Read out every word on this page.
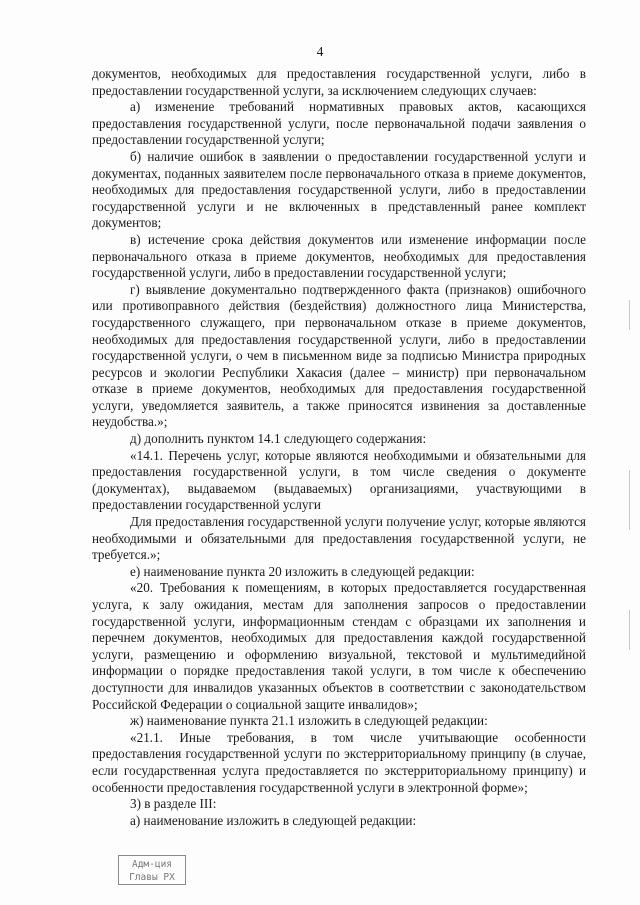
4

документов, необходимых для предоставления государственной услуги, либо в предоставлении государственной услуги, за исключением следующих случаев:

а) изменение требований нормативных правовых актов, касающихся предоставления государственной услуги, после первоначальной подачи заявления о предоставлении государственной услуги;

б) наличие ошибок в заявлении о предоставлении государственной услуги и документах, поданных заявителем после первоначального отказа в приеме документов, необходимых для предоставления государственной услуги, либо в предоставлении государственной услуги и не включенных в представленный ранее комплект документов;

в) истечение срока действия документов или изменение информации после первоначального отказа в приеме документов, необходимых для предоставления государственной услуги, либо в предоставлении государственной услуги;

г) выявление документально подтвержденного факта (признаков) ошибочного или противоправного действия (бездействия) должностного лица Министерства, государственного служащего, при первоначальном отказе в приеме документов, необходимых для предоставления государственной услуги, либо в предоставлении государственной услуги, о чем в письменном виде за подписью Министра природных ресурсов и экологии Республики Хакасия (далее – министр) при первоначальном отказе в приеме документов, необходимых для предоставления государственной услуги, уведомляется заявитель, а также приносятся извинения за доставленные неудобства.»;

д) дополнить пунктом 14.1 следующего содержания:

«14.1. Перечень услуг, которые являются необходимыми и обязательными для предоставления государственной услуги, в том числе сведения о документе (документах), выдаваемом (выдаваемых) организациями, участвующими в предоставлении государственной услуги

Для предоставления государственной услуги получение услуг, которые являются необходимыми и обязательными для предоставления государственной услуги, не требуется.»;

е) наименование пункта 20 изложить в следующей редакции:

«20. Требования к помещениям, в которых предоставляется государственная услуга, к залу ожидания, местам для заполнения запросов о предоставлении государственной услуги, информационным стендам с образцами их заполнения и перечнем документов, необходимых для предоставления каждой государственной услуги, размещению и оформлению визуальной, текстовой и мультимедийной информации о порядке предоставления такой услуги, в том числе к обеспечению доступности для инвалидов указанных объектов в соответствии с законодательством Российской Федерации о социальной защите инвалидов»;

ж) наименование пункта 21.1 изложить в следующей редакции:

«21.1. Иные требования, в том числе учитывающие особенности предоставления государственной услуги по экстерриториальному принципу (в случае, если государственная услуга предоставляется по экстерриториальному принципу) и особенности предоставления государственной услуги в электронной форме»;

3) в разделе III:

а) наименование изложить в следующей редакции:

Адм-ция
Главы РХ
